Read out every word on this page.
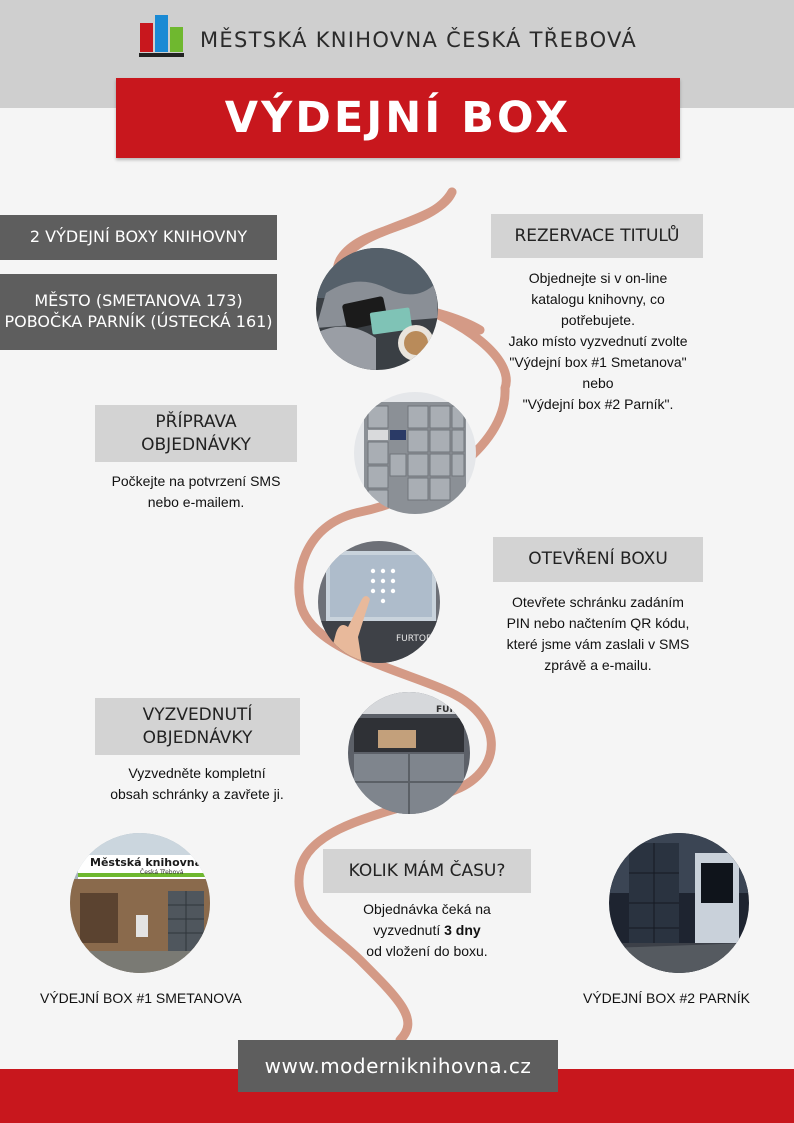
MĚSTSKÁ KNIHOVNA ČESKÁ TŘEBOVÁ
VÝDEJNÍ BOX
2 VÝDEJNÍ BOXY KNIHOVNY
MĚSTO (SMETANOVA 173)
POBOČKA PARNÍK (ÚSTECKÁ 161)
REZERVACE TITULŮ
Objednejte si v on-line
katalogu knihovny, co
potřebujete.
Jako místo vyzvednutí zvolte
"Výdejní box #1 Smetanova"
nebo
"Výdejní box #2 Parník".
PŘÍPRAVA
OBJEDNÁVKY
Počkejte na potvrzení SMS
nebo e-mailem.
OTEVŘENÍ BOXU
Otevřete schránku zadáním
PIN nebo načtením QR kódu,
které jsme vám zaslali v SMS
zprávě a e-mailu.
FURTODO
VYZVEDNUTÍ
OBJEDNÁVKY
Vyzvedněte kompletní
obsah schránky a zavřete ji.
FUR
KOLIK MÁM ČASU?
Objednávka čeká na
vyzvednutí 3 dny
od vložení do boxu.
Městská knihovna
Česká Třebová
VÝDEJNÍ BOX #1 SMETANOVA	VÝDEJNÍ BOX #2 PARNÍK
www.moderniknihovna.cz
